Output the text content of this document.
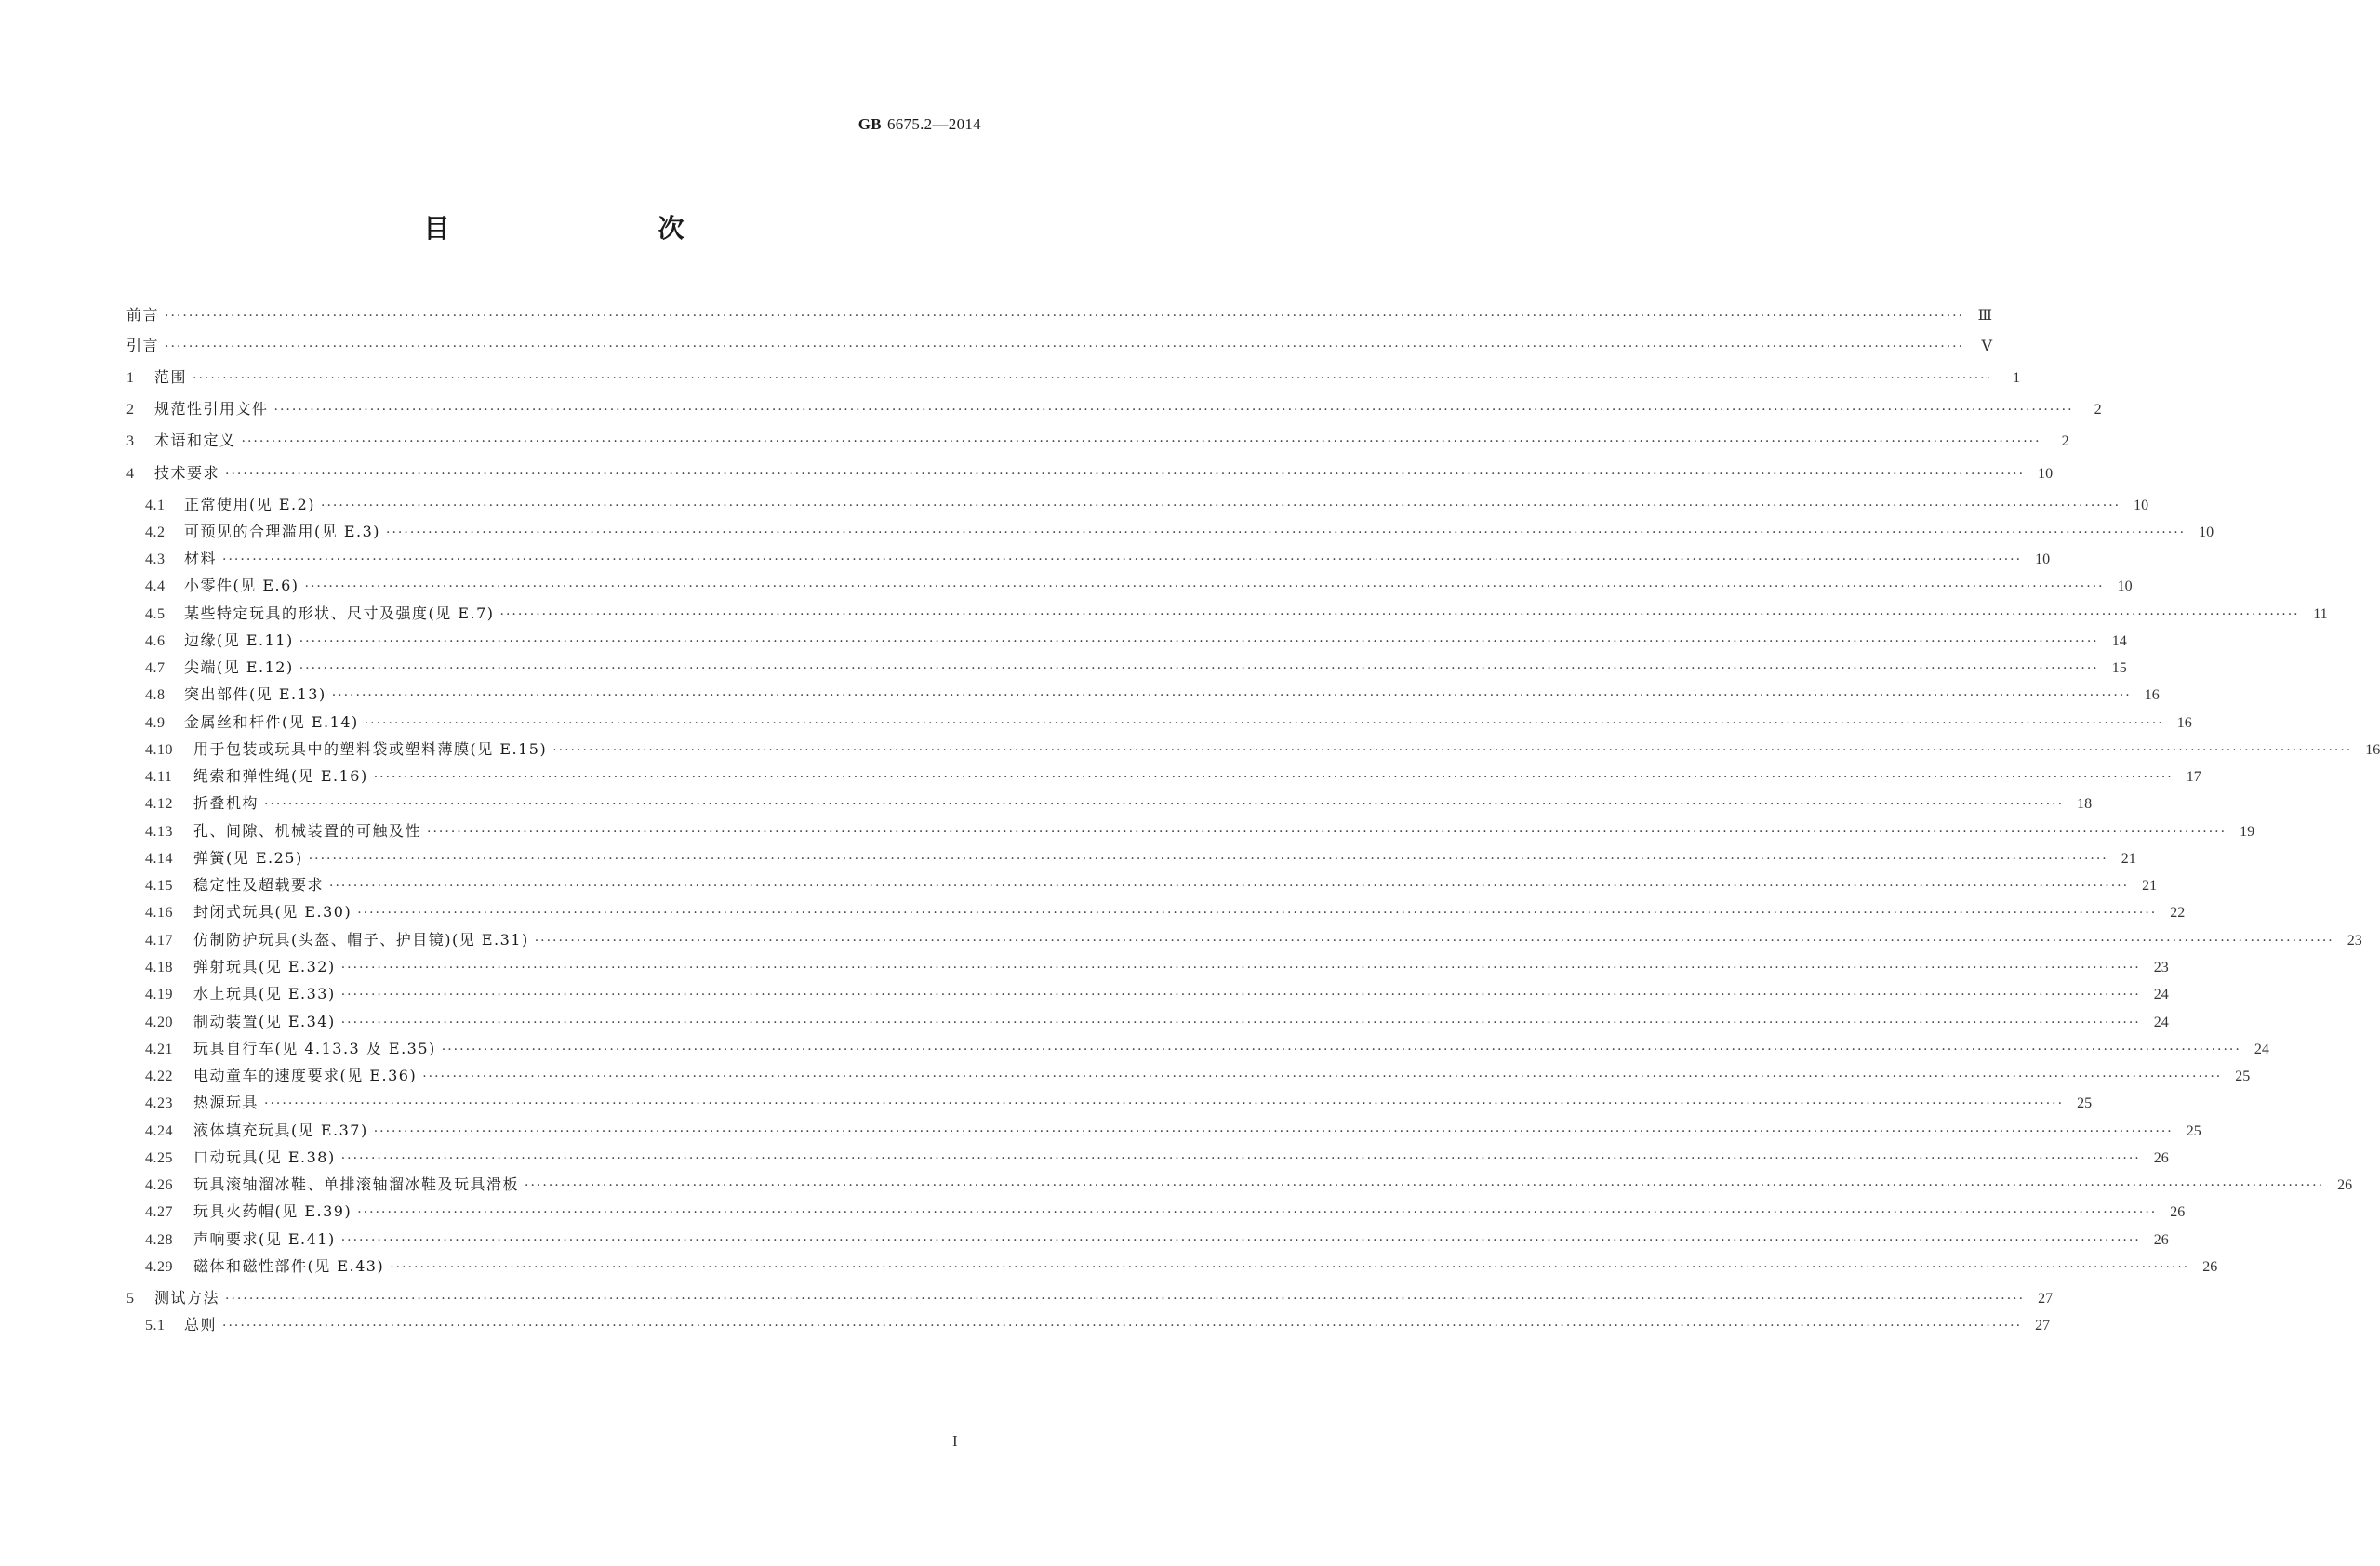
GB 6675.2—2014
目　　次
前言 ············································································································································································································································································································ Ⅲ
引言 ············································································································································································································································································································	Ⅴ
1	范围 ············································································································································································································································································································	1
2	规范性引用文件 ············································································································································································································································································································	2
3	术语和定义 ············································································································································································································································································································	2
4	技术要求 ············································································································································································································································································································ 10
4.1	正常使用(见 E.2) ············································································································································································································································································································ 10
4.2	可预见的合理滥用(见 E.3) ············································································································································································································································································································ 10
4.3	材料 ············································································································································································································································································································ 10
4.4	小零件(见 E.6) ············································································································································································································································································································ 10
4.5	某些特定玩具的形状、尺寸及强度(见 E.7) ············································································································································································································································································································ 11
4.6	边缘(见 E.11) ············································································································································································································································································································ 14
4.7	尖端(见 E.12) ············································································································································································································································································································ 15
4.8	突出部件(见 E.13) ············································································································································································································································································································ 16
4.9	金属丝和杆件(见 E.14) ············································································································································································································································································································ 16
4.10	用于包装或玩具中的塑料袋或塑料薄膜(见 E.15) ············································································································································································································································································································ 16
4.11	绳索和弹性绳(见 E.16) ············································································································································································································································································································ 17
4.12	折叠机构 ············································································································································································································································································································ 18
4.13	孔、间隙、机械装置的可触及性 ············································································································································································································································································································ 19
4.14	弹簧(见 E.25) ············································································································································································································································································································ 21
4.15	稳定性及超载要求 ············································································································································································································································································································ 21
4.16	封闭式玩具(见 E.30) ············································································································································································································································································································ 22
4.17	仿制防护玩具(头盔、帽子、护目镜)(见 E.31) ············································································································································································································································································································ 23
4.18	弹射玩具(见 E.32) ············································································································································································································································································································ 23
4.19	水上玩具(见 E.33) ············································································································································································································································································································ 24
4.20	制动装置(见 E.34) ············································································································································································································································································································ 24
4.21	玩具自行车(见 4.13.3 及 E.35) ············································································································································································································································································································ 24
4.22	电动童车的速度要求(见 E.36) ············································································································································································································································································································ 25
4.23	热源玩具 ············································································································································································································································································································ 25
4.24	液体填充玩具(见 E.37) ············································································································································································································································································································ 25
4.25	口动玩具(见 E.38) ············································································································································································································································································································ 26
4.26	玩具滚轴溜冰鞋、单排滚轴溜冰鞋及玩具滑板 ············································································································································································································································································································ 26
4.27	玩具火药帽(见 E.39) ············································································································································································································································································································ 26
4.28	声响要求(见 E.41) ············································································································································································································································································································ 26
4.29	磁体和磁性部件(见 E.43) ············································································································································································································································································································ 26
5	测试方法 ············································································································································································································································································································ 27
5.1	总则 ············································································································································································································································································································ 27
I
